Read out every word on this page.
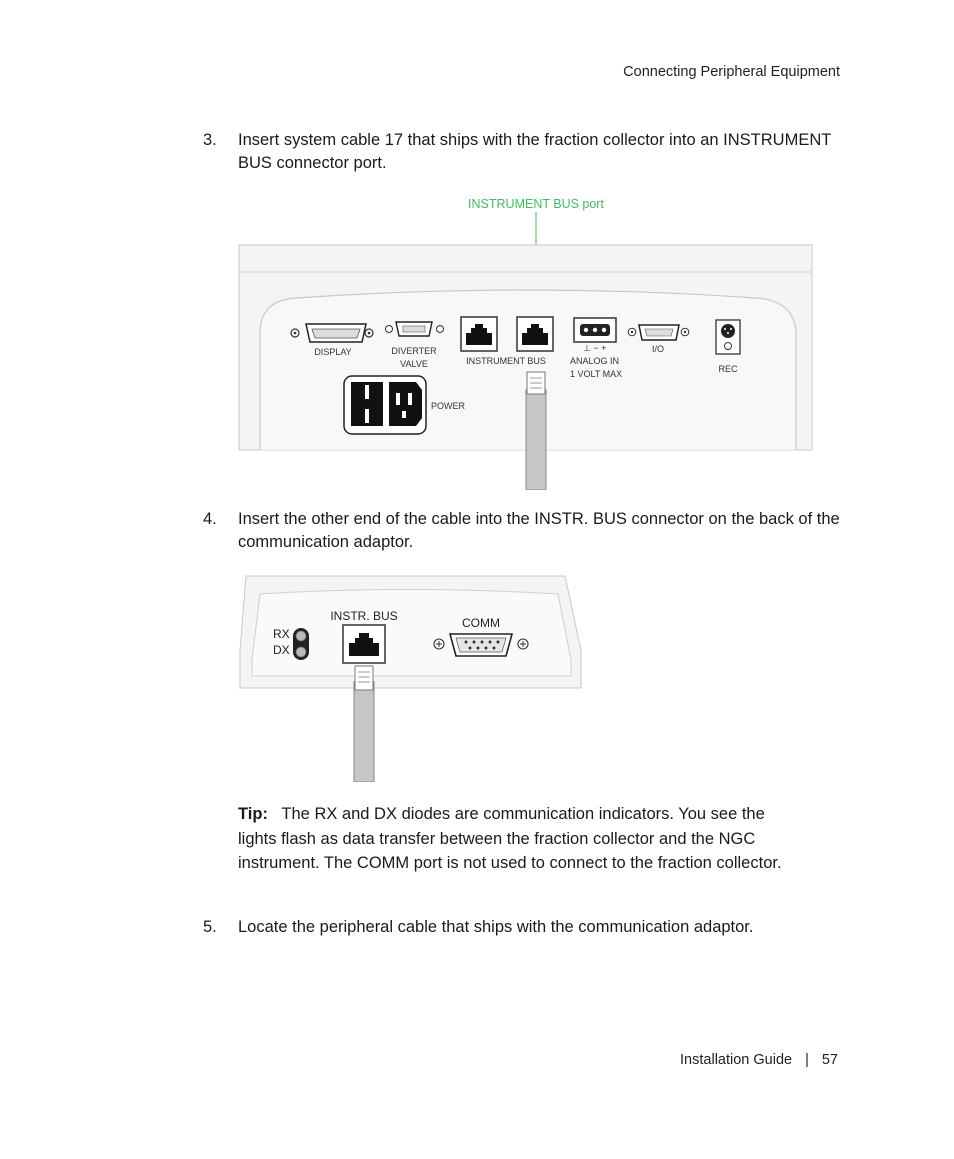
Connecting Peripheral Equipment
3. Insert system cable 17 that ships with the fraction collector into an INSTRUMENT BUS connector port.
INSTRUMENT BUS port
DISPLAY	DIVERTER
VALVE	INSTRUMENT BUS
⊥ − +
ANALOG IN
1 VOLT MAX
I/O
REC
POWER
4. Insert the other end of the cable into the INSTR. BUS connector on the back of the communication adaptor.
RX
DX
INSTR. BUS	COMM
Tip: The RX and DX diodes are communication indicators. You see the lights flash as data transfer between the fraction collector and the NGC instrument. The COMM port is not used to connect to the fraction collector.
5. Locate the peripheral cable that ships with the communication adaptor.
Installation Guide | 57
